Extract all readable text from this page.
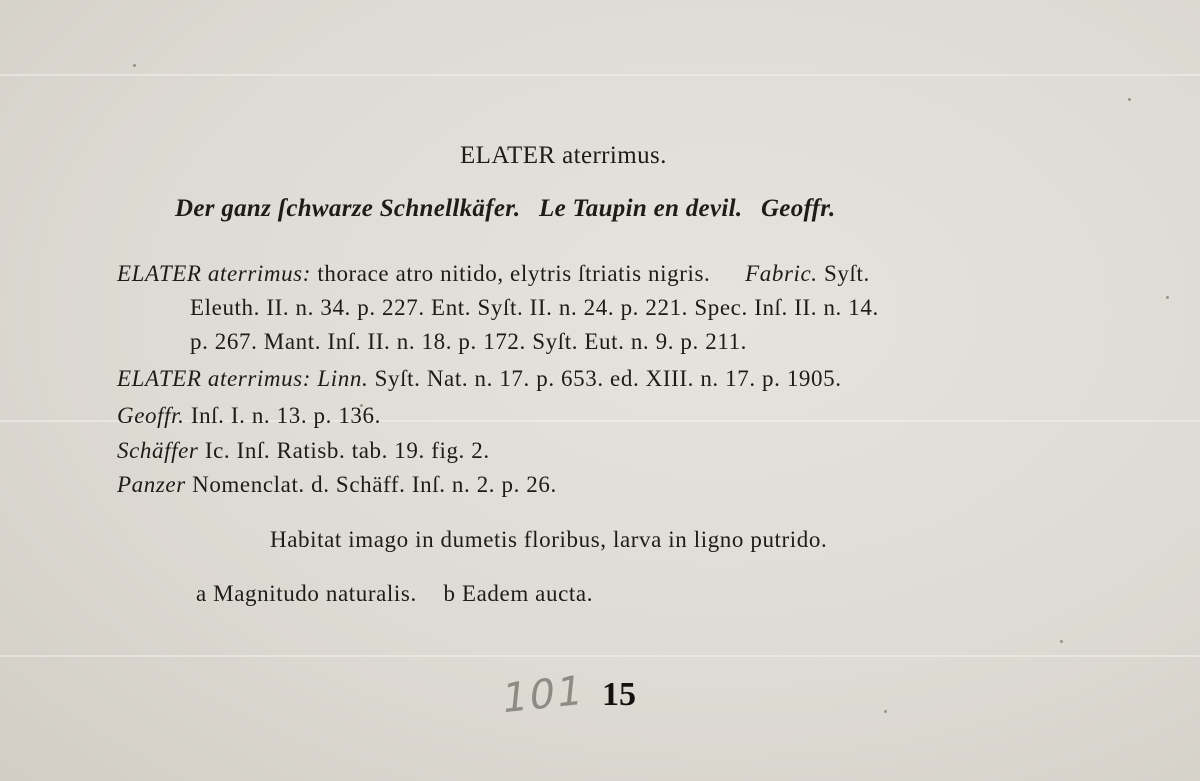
ELATER aterrimus.
Der ganz ſchwarze Schnellkäfer. Le Taupin en devil. Geoffr.
ELATER aterrimus: thorace atro nitido, elytris ſtriatis nigris. Fabric. Syſt.
Eleuth. II. n. 34. p. 227. Ent. Syſt. II. n. 24. p. 221. Spec. Inſ. II. n. 14.
p. 267. Mant. Inſ. II. n. 18. p. 172. Syſt. Eut. n. 9. p. 211.
ELATER aterrimus: Linn. Syſt. Nat. n. 17. p. 653. ed. XIII. n. 17. p. 1905.
Geoffr. Inſ. I. n. 13. p. 136.
Schäffer Ic. Inſ. Ratisb. tab. 19. fig. 2.
Panzer Nomenclat. d. Schäff. Inſ. n. 2. p. 26.
Habitat imago in dumetis floribus, larva in ligno putrido.
a Magnitudo naturalis. b Eadem aucta.
101 15
